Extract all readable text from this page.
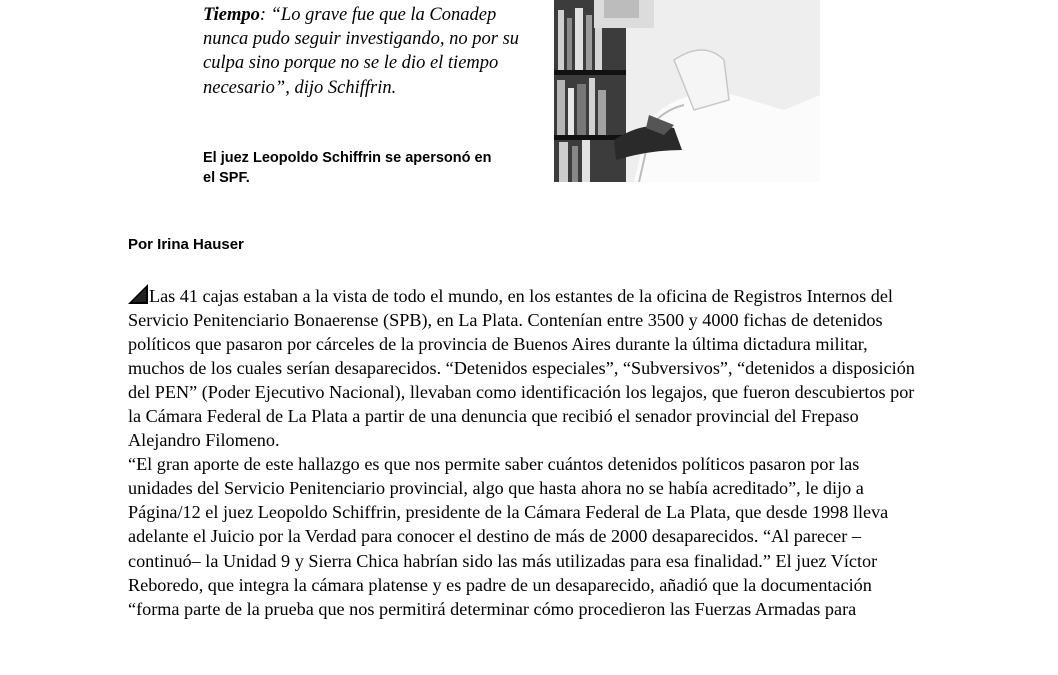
Tiempo: “Lo grave fue que la Conadep nunca pudo seguir investigando, no por su culpa sino porque no se le dio el tiempo necesario”, dijo Schiffrin.
El juez Leopoldo Schiffrin se apersonó en el SPF.
Por Irina Hauser

Las 41 cajas estaban a la vista de todo el mundo, en los estantes de la oficina de Registros Internos del Servicio Penitenciario Bonaerense (SPB), en La Plata. Contenían entre 3500 y 4000 fichas de detenidos políticos que pasaron por cárceles de la provincia de Buenos Aires durante la última dictadura militar, muchos de los cuales serían desaparecidos. “Detenidos especiales”, “Subversivos”, “detenidos a disposición del PEN” (Poder Ejecutivo Nacional), llevaban como identificación los legajos, que fueron descubiertos por la Cámara Federal de La Plata a partir de una denuncia que recibió el senador provincial del Frepaso Alejandro Filomeno.

“El gran aporte de este hallazgo es que nos permite saber cuántos detenidos políticos pasaron por las unidades del Servicio Penitenciario provincial, algo que hasta ahora no se había acreditado”, le dijo a Página/12 el juez Leopoldo Schiffrin, presidente de la Cámara Federal de La Plata, que desde 1998 lleva adelante el Juicio por la Verdad para conocer el destino de más de 2000 desaparecidos. “Al parecer –continuó– la Unidad 9 y Sierra Chica habrían sido las más utilizadas para esa finalidad.” El juez Víctor Reboredo, que integra la cámara platense y es padre de un desaparecido, añadió que la documentación “forma parte de la prueba que nos permitirá determinar cómo procedieron las Fuerzas Armadas para
